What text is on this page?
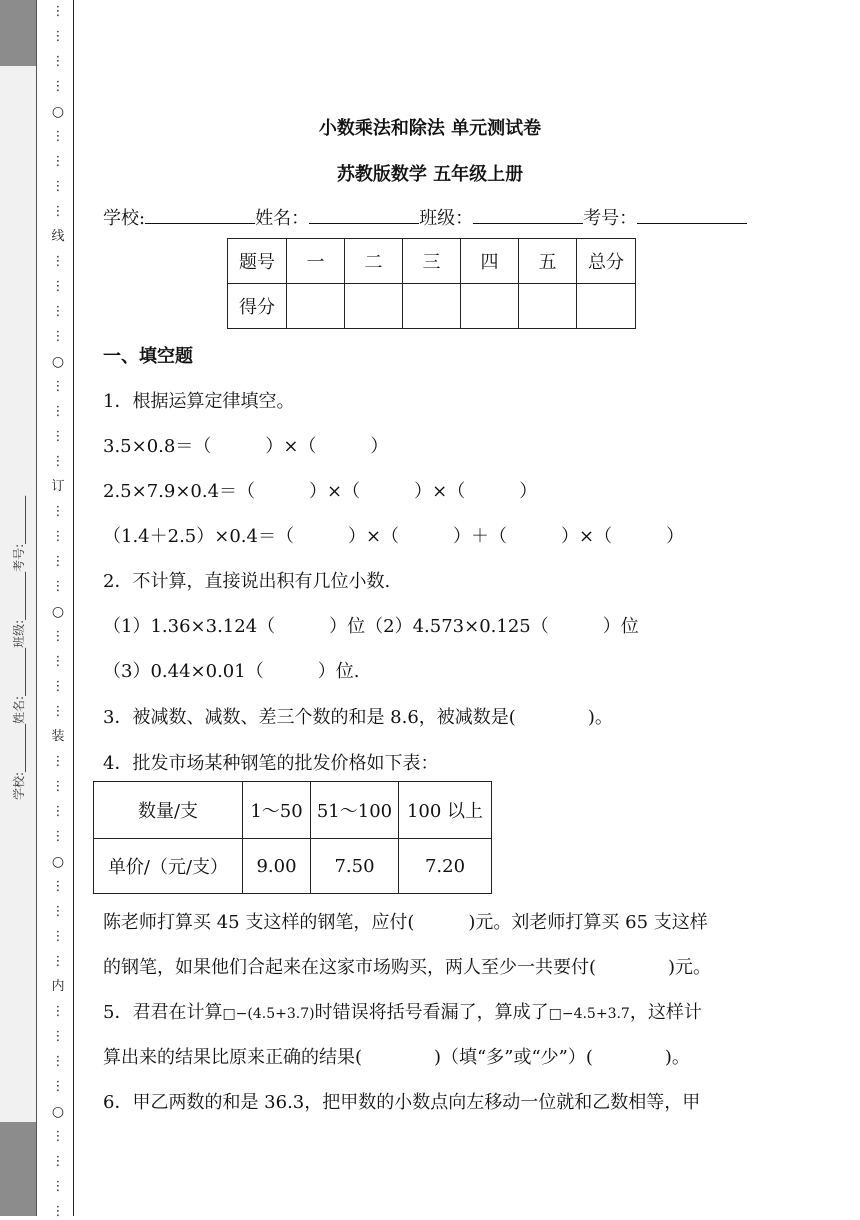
学校:________姓名:________班级:________考号:________
⋮
⋮
⋮
⋮
○
⋮
⋮
⋮
⋮
线
⋮
⋮
⋮
⋮
○
⋮
⋮
⋮
⋮
订
⋮
⋮
⋮
⋮
○
⋮
⋮
⋮
⋮
装
⋮
⋮
⋮
⋮
○
⋮
⋮
⋮
⋮
内
⋮
⋮
⋮
⋮
○
⋮
⋮
⋮
⋮
小数乘法和除法 单元测试卷
苏教版数学 五年级上册
学校:	姓名：	班级：	考号：
题号	一	二	三	四	五	总分
得分						
一、填空题
1．根据运算定律填空。
3.5×0.8＝（　　　）×（　　　）
2.5×7.9×0.4＝（　　　）×（　　　）×（　　　）
（1.4＋2.5）×0.4＝（　　　）×（　　　）＋（　　　）×（　　　）
2．不计算，直接说出积有几位小数.
（1）1.36×3.124（　　　）位（2）4.573×0.125（　　　）位
（3）0.44×0.01（　　　）位.
3．被减数、减数、差三个数的和是 8.6，被减数是(　　　　)。
4．批发市场某种钢笔的批发价格如下表：
数量/支	1～50	51～100	100 以上
单价/（元/支）	9.00	7.50	7.20
陈老师打算买 45 支这样的钢笔，应付(　　　)元。刘老师打算买 65 支这样
的钢笔，如果他们合起来在这家市场购买，两人至少一共要付(　　　　)元。
5．君君在计算□−(4.5+3.7)时错误将括号看漏了，算成了□−4.5+3.7，这样计
算出来的结果比原来正确的结果(　　　　)（填“多”或“少”）(　　　　)。
6．甲乙两数的和是 36.3，把甲数的小数点向左移动一位就和乙数相等，甲
